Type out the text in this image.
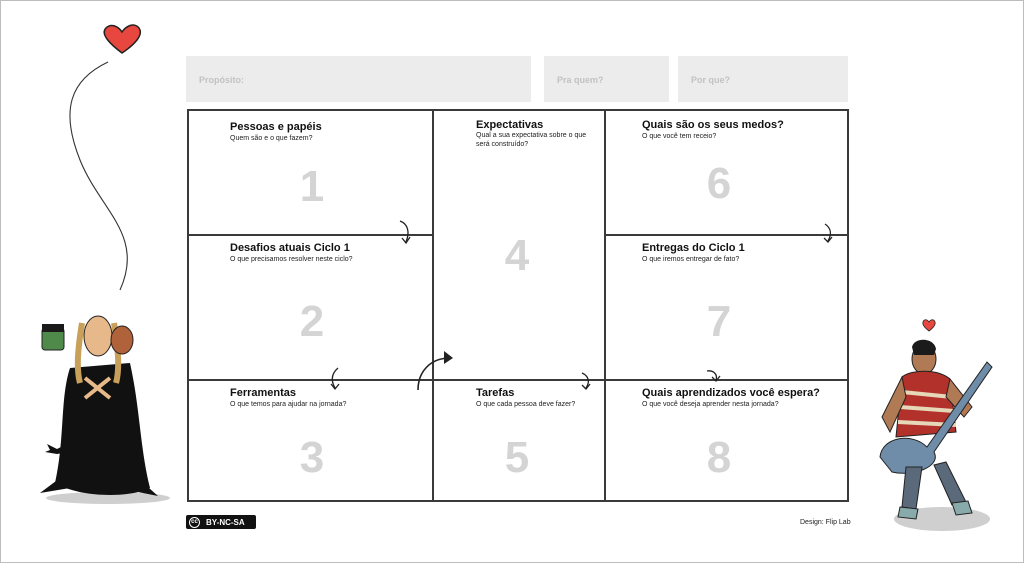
Propósito:	Pra quem?	Por que?
Pessoas e papéis
Quem são e o que fazem?
1
Desafios atuais Ciclo 1
O que precisamos resolver neste ciclo?
2
Ferramentas
O que temos para ajudar na jornada?
3
Expectativas
Qual a sua expectativa sobre o que será construído?
4
Tarefas
O que cada pessoa deve fazer?
5
Quais são os seus medos?
O que você tem receio?
6
Entregas do Ciclo 1
O que iremos entregar de fato?
7
Quais aprendizados você espera?
O que você deseja aprender nesta jornada?
8
cc BY-NC-SA	Design: Flip Lab
